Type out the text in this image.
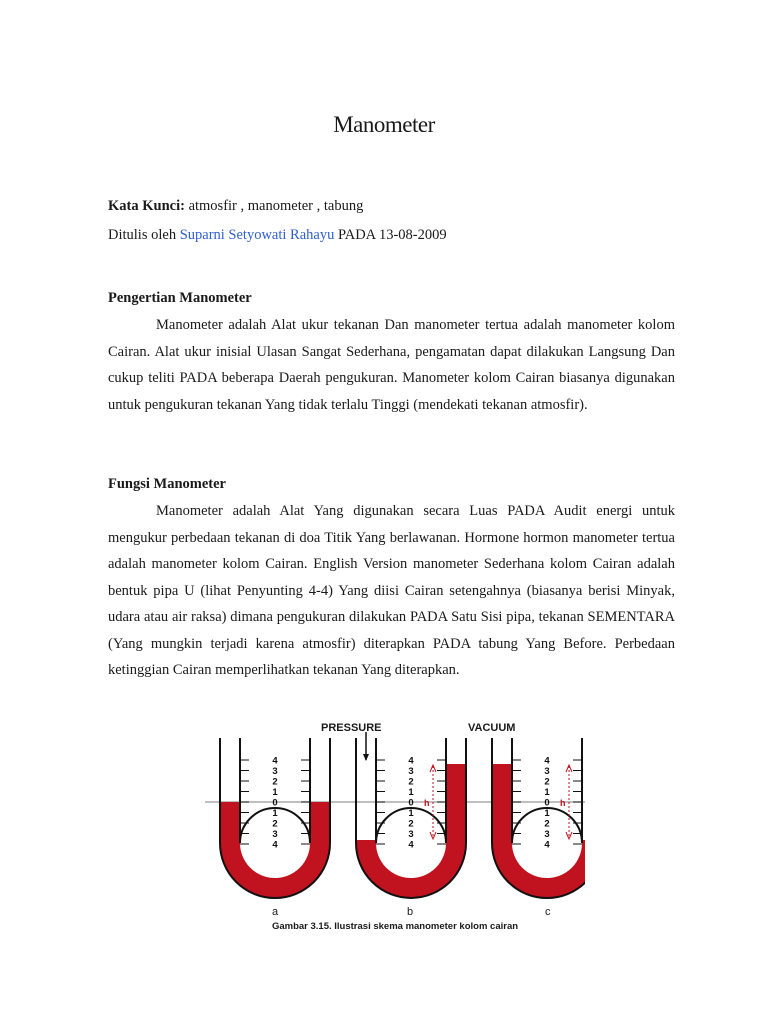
Manometer
Kata Kunci: atmosfir , manometer , tabung
Ditulis oleh Suparni Setyowati Rahayu PADA 13-08-2009
Pengertian Manometer

Manometer adalah Alat ukur tekanan Dan manometer tertua adalah manometer kolom Cairan. Alat ukur inisial Ulasan Sangat Sederhana, pengamatan dapat dilakukan Langsung Dan cukup teliti PADA beberapa Daerah pengukuran. Manometer kolom Cairan biasanya digunakan untuk pengukuran tekanan Yang tidak terlalu Tinggi (mendekati tekanan atmosfir).

Fungsi Manometer

Manometer adalah Alat Yang digunakan secara Luas PADA Audit energi untuk mengukur perbedaan tekanan di doa Titik Yang berlawanan. Hormone hormon manometer tertua adalah manometer kolom Cairan. English Version manometer Sederhana kolom Cairan adalah bentuk pipa U (lihat Penyunting 4-4) Yang diisi Cairan setengahnya (biasanya berisi Minyak, udara atau air raksa) dimana pengukuran dilakukan PADA Satu Sisi pipa, tekanan SEMENTARA (Yang mungkin terjadi karena atmosfir) diterapkan PADA tabung Yang Before. Perbedaan ketinggian Cairan memperlihatkan tekanan Yang diterapkan.

4
3
2
1
0
1
2
3
4
4
3
2
1
0
1
2
3
4
h
4
3
2
1
0
1
2
3
4
h
PRESSURE	VACUUM
a	b	c
Gambar 3.15. Ilustrasi skema manometer kolom cairan
